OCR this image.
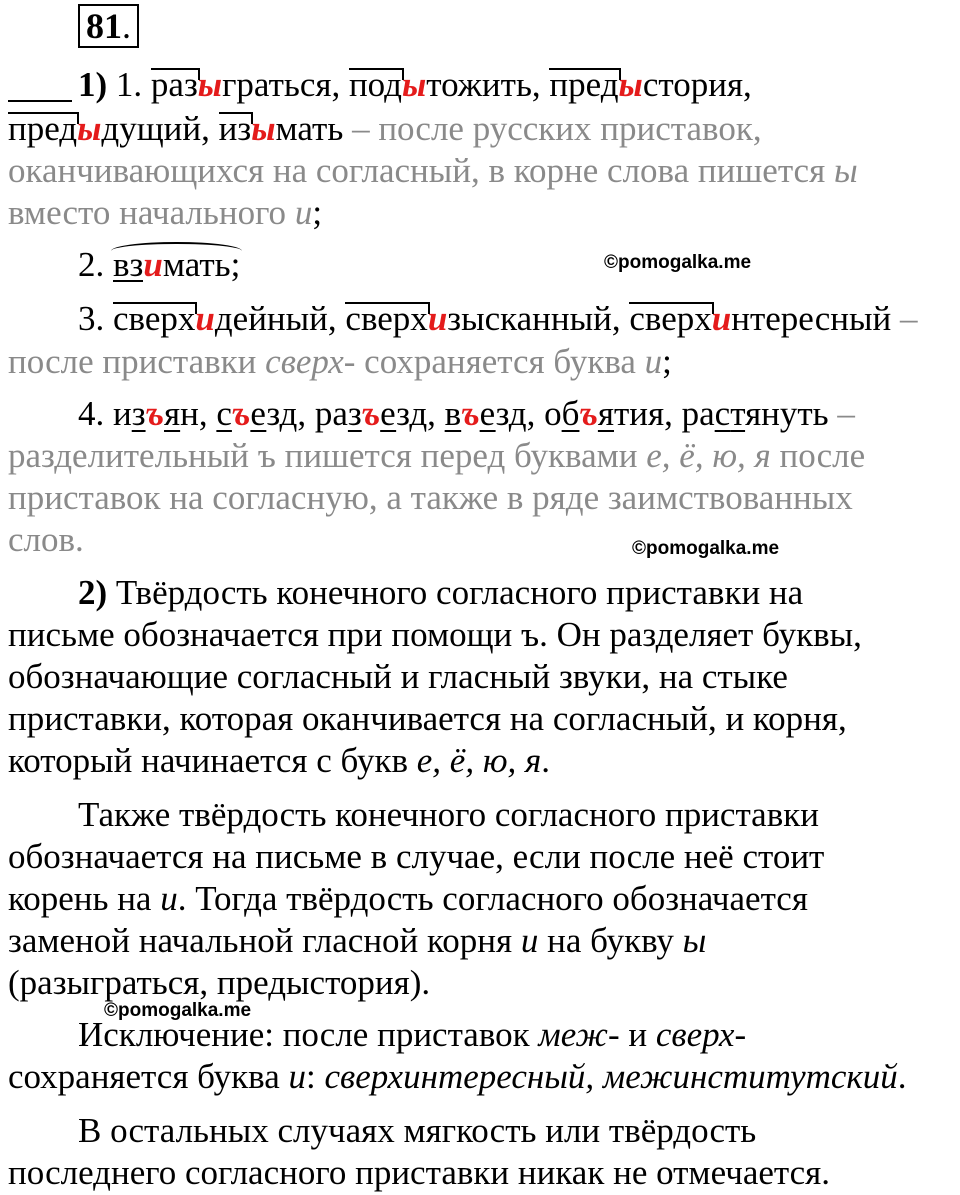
81.
1) 1. разыграться, подытожить, предыстория,
предыдущий, изымать – после русских приставок,
оканчивающихся на согласный, в корне слова пишется ы
вместо начального и;
2. взимать;	©pomogalka.me
3. сверхидейный, сверхизысканный, сверхинтересный –
после приставки сверх- сохраняется буква и;
4. изъян, съезд, разъезд, въезд, объятия, растянуть –
разделительный ъ пишется перед буквами е, ё, ю, я после
приставок на согласную, а также в ряде заимствованных
слов.	©pomogalka.me
2) Твёрдость конечного согласного приставки на
письме обозначается при помощи ъ. Он разделяет буквы,
обозначающие согласный и гласный звуки, на стыке
приставки, которая оканчивается на согласный, и корня,
который начинается с букв е, ё, ю, я.
Также твёрдость конечного согласного приставки
обозначается на письме в случае, если после неё стоит
корень на и. Тогда твёрдость согласного обозначается
заменой начальной гласной корня и на букву ы
(разыграться, предыстория).
©pomogalka.me
Исключение: после приставок меж- и сверх-
сохраняется буква и: сверхинтересный, межинститутский.
В остальных случаях мягкость или твёрдость
последнего согласного приставки никак не отмечается.
